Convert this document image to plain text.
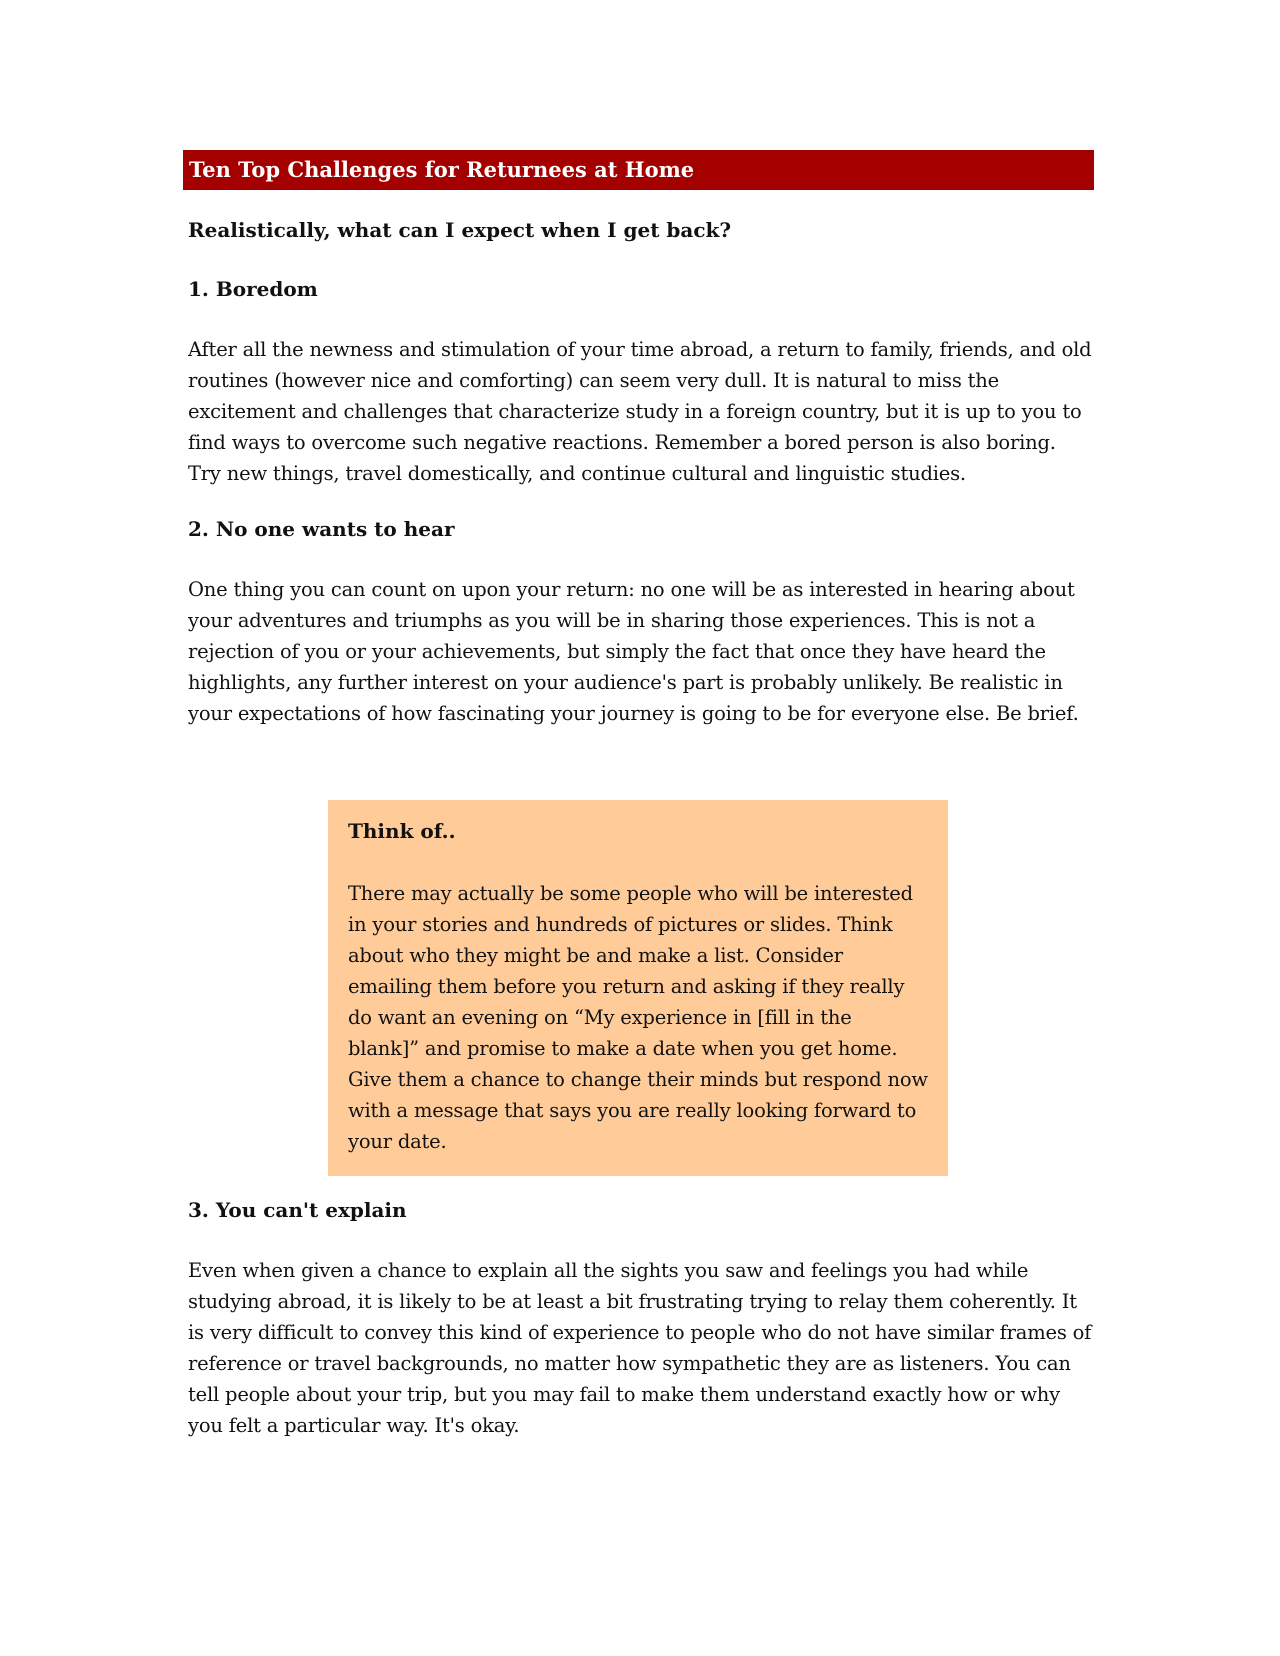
Ten Top Challenges for Returnees at Home

Realistically, what can I expect when I get back?

1. Boredom

After all the newness and stimulation of your time abroad, a return to family, friends, and old routines (however nice and comforting) can seem very dull. It is natural to miss the excitement and challenges that characterize study in a foreign country, but it is up to you to find ways to overcome such negative reactions. Remember a bored person is also boring. Try new things, travel domestically, and continue cultural and linguistic studies.

2. No one wants to hear

One thing you can count on upon your return: no one will be as interested in hearing about your adventures and triumphs as you will be in sharing those experiences. This is not a rejection of you or your achievements, but simply the fact that once they have heard the highlights, any further interest on your audience's part is probably unlikely. Be realistic in your expectations of how fascinating your journey is going to be for everyone else. Be brief.

Think of..

There may actually be some people who will be interested in your stories and hundreds of pictures or slides. Think about who they might be and make a list. Consider emailing them before you return and asking if they really do want an evening on “My experience in [fill in the blank]” and promise to make a date when you get home. Give them a chance to change their minds but respond now with a message that says you are really looking forward to your date.

3. You can't explain

Even when given a chance to explain all the sights you saw and feelings you had while studying abroad, it is likely to be at least a bit frustrating trying to relay them coherently. It is very difficult to convey this kind of experience to people who do not have similar frames of reference or travel backgrounds, no matter how sympathetic they are as listeners. You can tell people about your trip, but you may fail to make them understand exactly how or why you felt a particular way. It's okay.
